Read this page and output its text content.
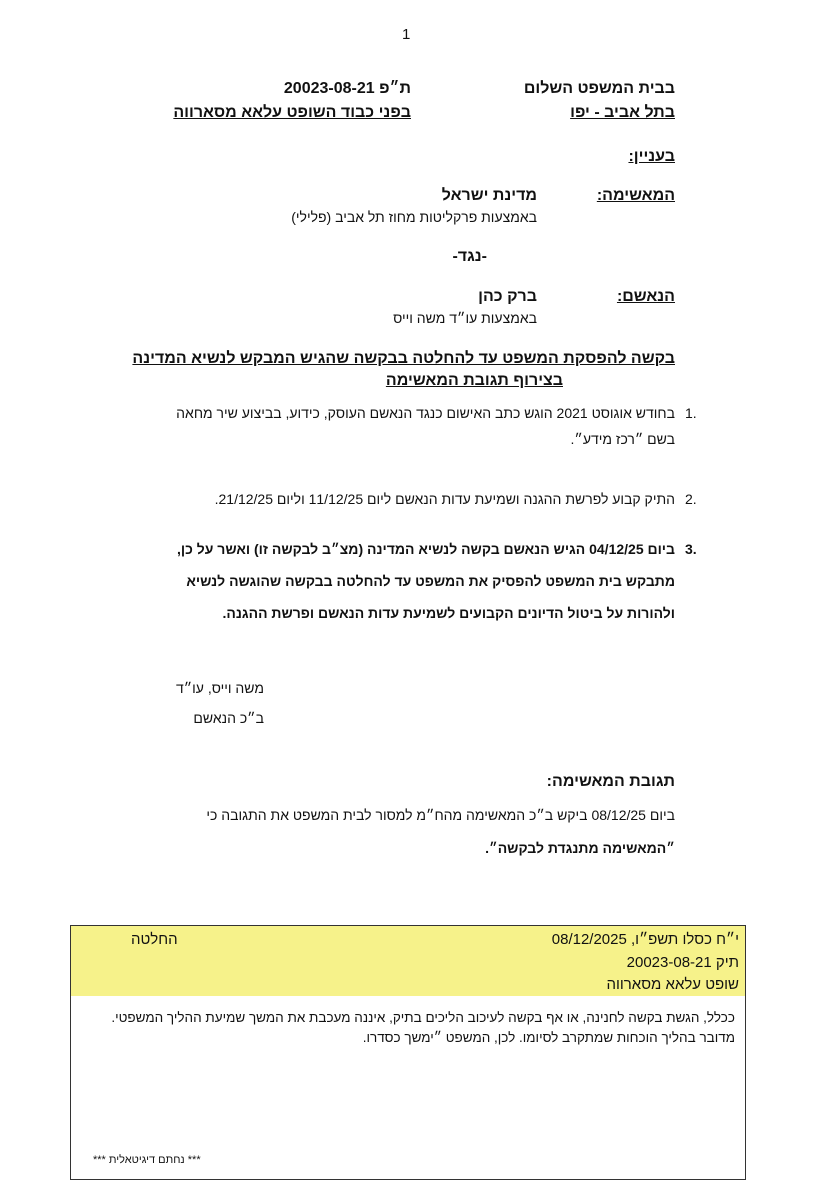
1
בבית המשפט השלום
בתל אביב - יפו
ת״פ 20023-08-21
בפני כבוד השופט עלאא מסארווה
בעניין:
המאשימה:
מדינת ישראל
באמצעות פרקליטות מחוז תל אביב (פלילי)
-נגד-
הנאשם:
ברק כהן
באמצעות עו״ד משה וייס
בקשה להפסקת המשפט עד להחלטה בבקשה שהגיש המבקש לנשיא המדינה
בצירוף תגובת המאשימה
1.
בחודש אוגוסט 2021 הוגש כתב האישום כנגד הנאשם העוסק, כידוע, בביצוע שיר מחאה
בשם ״רכז מידע״.
2.
התיק קבוע לפרשת ההגנה ושמיעת עדות הנאשם ליום 11/12/25 וליום 21/12/25.
3.
ביום 04/12/25 הגיש הנאשם בקשה לנשיא המדינה (מצ״ב לבקשה זו) ואשר על כן,
מתבקש בית המשפט להפסיק את המשפט עד להחלטה בבקשה שהוגשה לנשיא
ולהורות על ביטול הדיונים הקבועים לשמיעת עדות הנאשם ופרשת ההגנה.
משה וייס, עו״ד
ב״כ הנאשם
תגובת המאשימה:
ביום 08/12/25 ביקש ב״כ המאשימה מהח״מ למסור לבית המשפט את התגובה כי
״המאשימה מתנגדת לבקשה״.
י״ח כסלו תשפ״ו, 08/12/2025
החלטה
תיק 20023-08-21
שופט עלאא מסארווה
ככלל, הגשת בקשה לחנינה, או אף בקשה לעיכוב הליכים בתיק, איננה מעכבת את המשך שמיעת ההליך המשפטי.
מדובר בהליך הוכחות שמתקרב לסיומו. לכן, המשפט ״ימשך כסדרו.
*** נחתם דיגיטאלית ***
